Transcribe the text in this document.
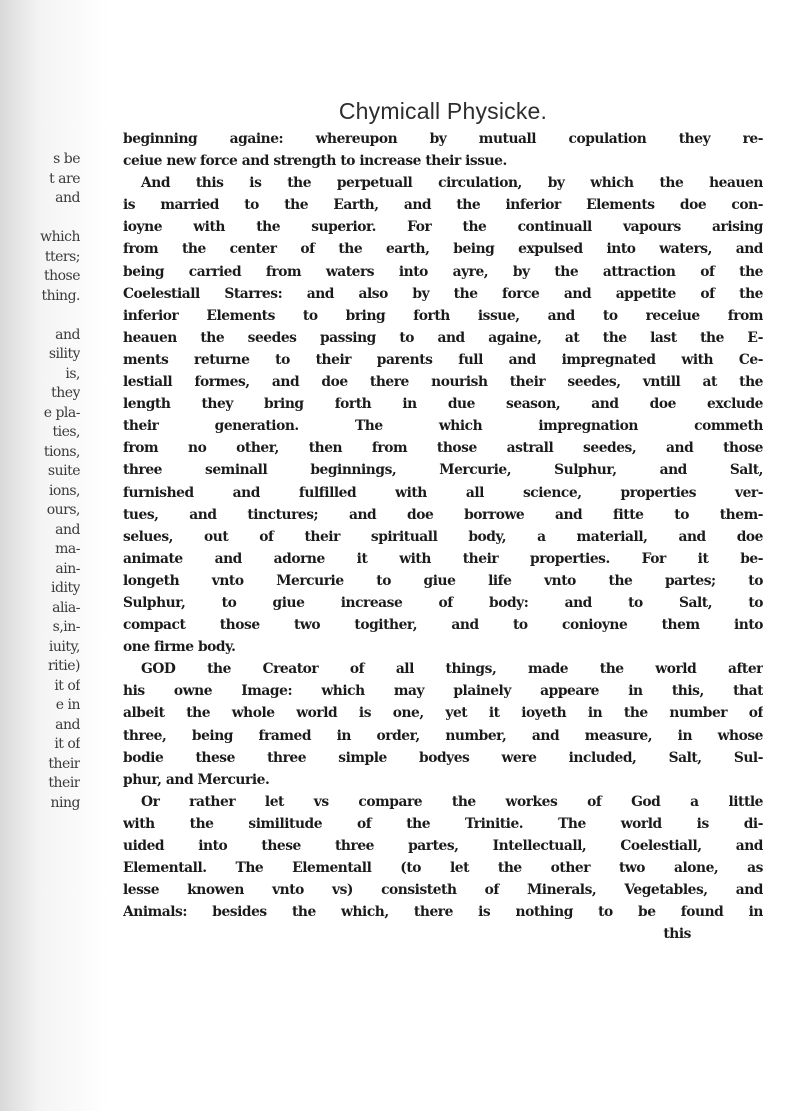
s be
t are
and
which
tters;
those
thing.
and
sility
is,
they
e pla-
ties,
tions,
suite
ions,
ours,
and
ma-
ain-
idity
alia-
s,in-
iuity,
ritie)
it of
e in
and
it of
their
their
ning
Chymicall Physicke.
beginning againe: whereupon by mutuall copulation they re-
ceiue new force and strength to increase their issue.
And this is the perpetuall circulation, by which the heauen
is married to the Earth, and the inferior Elements doe con-
ioyne with the superior. For the continuall vapours arising
from the center of the earth, being expulsed into waters, and
being carried from waters into ayre, by the attraction of the
Coelestiall Starres: and also by the force and appetite of the
inferior Elements to bring forth issue, and to receiue from
heauen the seedes passing to and againe, at the last the E-
ments returne to their parents full and impregnated with Ce-
lestiall formes, and doe there nourish their seedes, vntill at the
length they bring forth in due season, and doe exclude
their generation. The which impregnation commeth
from no other, then from those astrall seedes, and those
three seminall beginnings, Mercurie, Sulphur, and Salt,
furnished and fulfilled with all science, properties ver-
tues, and tinctures; and doe borrowe and fitte to them-
selues, out of their spirituall body, a materiall, and doe
animate and adorne it with their properties. For it be-
longeth vnto Mercurie to giue life vnto the partes; to
Sulphur, to giue increase of body: and to Salt, to
compact those two togither, and to conioyne them into
one firme body.
GOD the Creator of all things, made the world after
his owne Image: which may plainely appeare in this, that
albeit the whole world is one, yet it ioyeth in the number of
three, being framed in order, number, and measure, in whose
bodie these three simple bodyes were included, Salt, Sul-
phur, and Mercurie.
Or rather let vs compare the workes of God a little
with the similitude of the Trinitie. The world is di-
uided into these three partes, Intellectuall, Coelestiall, and
Elementall. The Elementall (to let the other two alone, as
lesse knowen vnto vs) consisteth of Minerals, Vegetables, and
Animals: besides the which, there is nothing to be found in
this
